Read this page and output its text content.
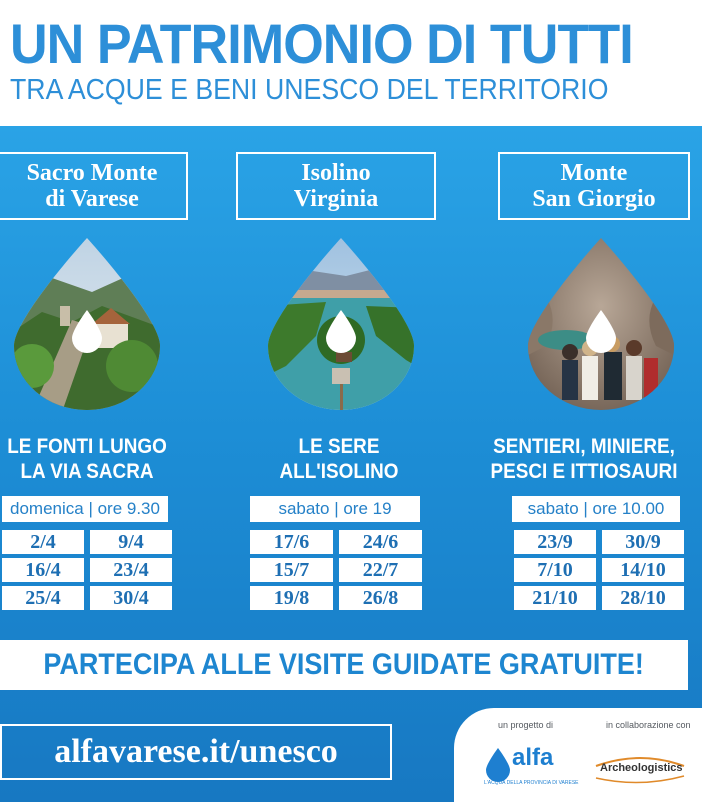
UN PATRIMONIO DI TUTTI
TRA ACQUE E BENI UNESCO DEL TERRITORIO
Sacro Monte
di Varese
LE FONTI LUNGO
LA VIA SACRA
domenica | ore 9.30
2/4	9/4
16/4	23/4
25/4	30/4
Isolino
Virginia
LE SERE
ALL'ISOLINO
sabato | ore 19
17/6	24/6
15/7	22/7
19/8	26/8
Monte
San Giorgio
SENTIERI, MINIERE,
PESCI E ITTIOSAURI
sabato | ore 10.00
23/9	30/9
7/10	14/10
21/10	28/10
PARTECIPA ALLE VISITE GUIDATE GRATUITE!
alfavarese.it/unesco
un progetto di	in collaborazione con
alfa
L'ACQUA DELLA PROVINCIA DI VARESE
Archeologistics
